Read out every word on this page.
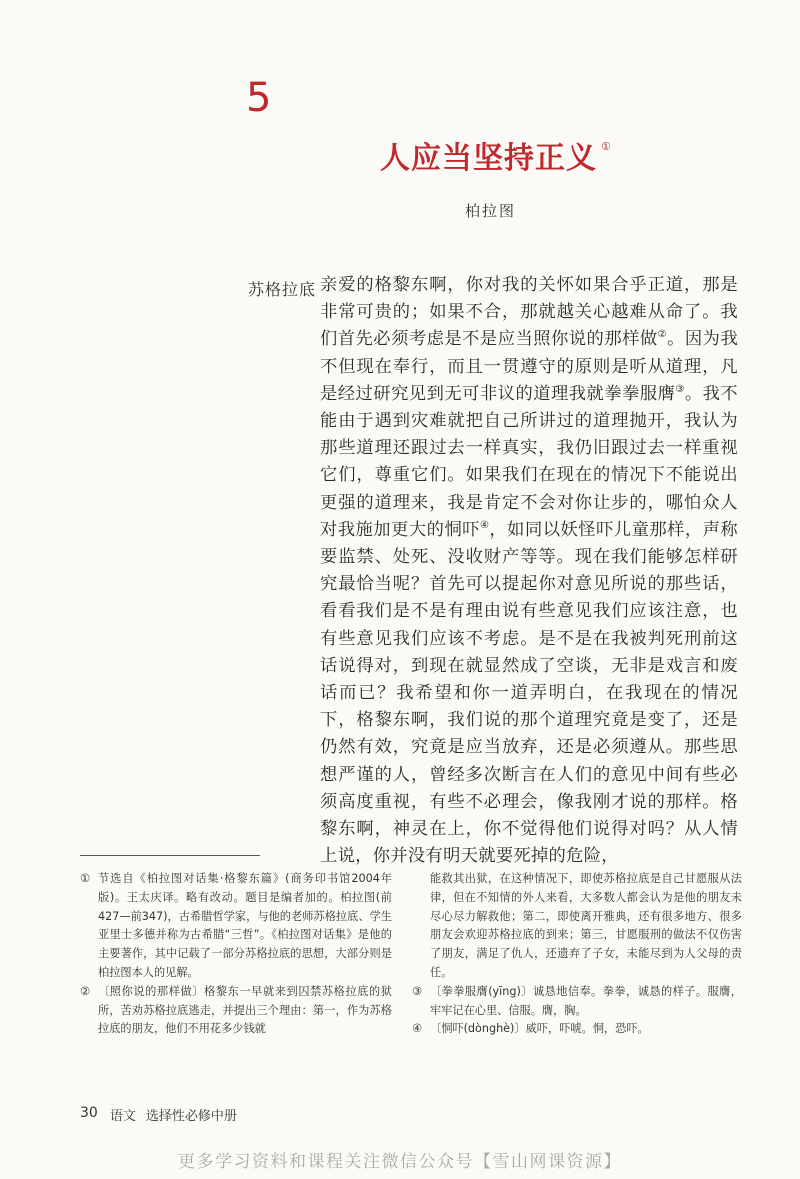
5
人应当坚持正义 ①
柏拉图
苏格拉底 亲爱的格黎东啊，你对我的关怀如果合乎正道，那是非常可贵的；如果不合，那就越关心越难从命了。我们首先必须考虑是不是应当照你说的那样做②。因为我不但现在奉行，而且一贯遵守的原则是听从道理，凡是经过研究见到无可非议的道理我就拳拳服膺③。我不能由于遇到灾难就把自己所讲过的道理抛开，我认为那些道理还跟过去一样真实，我仍旧跟过去一样重视它们，尊重它们。如果我们在现在的情况下不能说出更强的道理来，我是肯定不会对你让步的，哪怕众人对我施加更大的恫吓④，如同以妖怪吓儿童那样，声称要监禁、处死、没收财产等等。现在我们能够怎样研究最恰当呢？首先可以提起你对意见所说的那些话，看看我们是不是有理由说有些意见我们应该注意，也有些意见我们应该不考虑。是不是在我被判死刑前这话说得对，到现在就显然成了空谈，无非是戏言和废话而已？我希望和你一道弄明白，在我现在的情况下，格黎东啊，我们说的那个道理究竟是变了，还是仍然有效，究竟是应当放弃，还是必须遵从。那些思想严谨的人，曾经多次断言在人们的意见中间有些必须高度重视，有些不必理会，像我刚才说的那样。格黎东啊，神灵在上，你不觉得他们说得对吗？从人情上说，你并没有明天就要死掉的危险，
① 节选自《柏拉图对话集·格黎东篇》(商务印书馆2004年版)。王太庆译。略有改动。题目是编者加的。柏拉图(前427—前347)，古希腊哲学家，与他的老师苏格拉底、学生亚里士多德并称为古希腊“三哲”。《柏拉图对话集》是他的主要著作，其中记载了一部分苏格拉底的思想，大部分则是柏拉图本人的见解。
② 〔照你说的那样做〕格黎东一早就来到囚禁苏格拉底的狱所，苦劝苏格拉底逃走，并提出三个理由：第一，作为苏格拉底的朋友，他们不用花多少钱就
能救其出狱，在这种情况下，即使苏格拉底是自己甘愿服从法律，但在不知情的外人来看，大多数人都会认为是他的朋友未尽心尽力解救他；第二，即使离开雅典，还有很多地方、很多朋友会欢迎苏格拉底的到来；第三，甘愿服刑的做法不仅伤害了朋友，满足了仇人，还遗弃了子女，未能尽到为人父母的责任。
③ 〔拳拳服膺(yīng)〕诚恳地信奉。拳拳，诚恳的样子。服膺，牢牢记在心里、信服。膺，胸。
④ 〔恫吓(dònghè)〕威吓，吓唬。恫，恐吓。
30 语文 选择性必修中册
更多学习资料和课程关注微信公众号【雪山网课资源】
